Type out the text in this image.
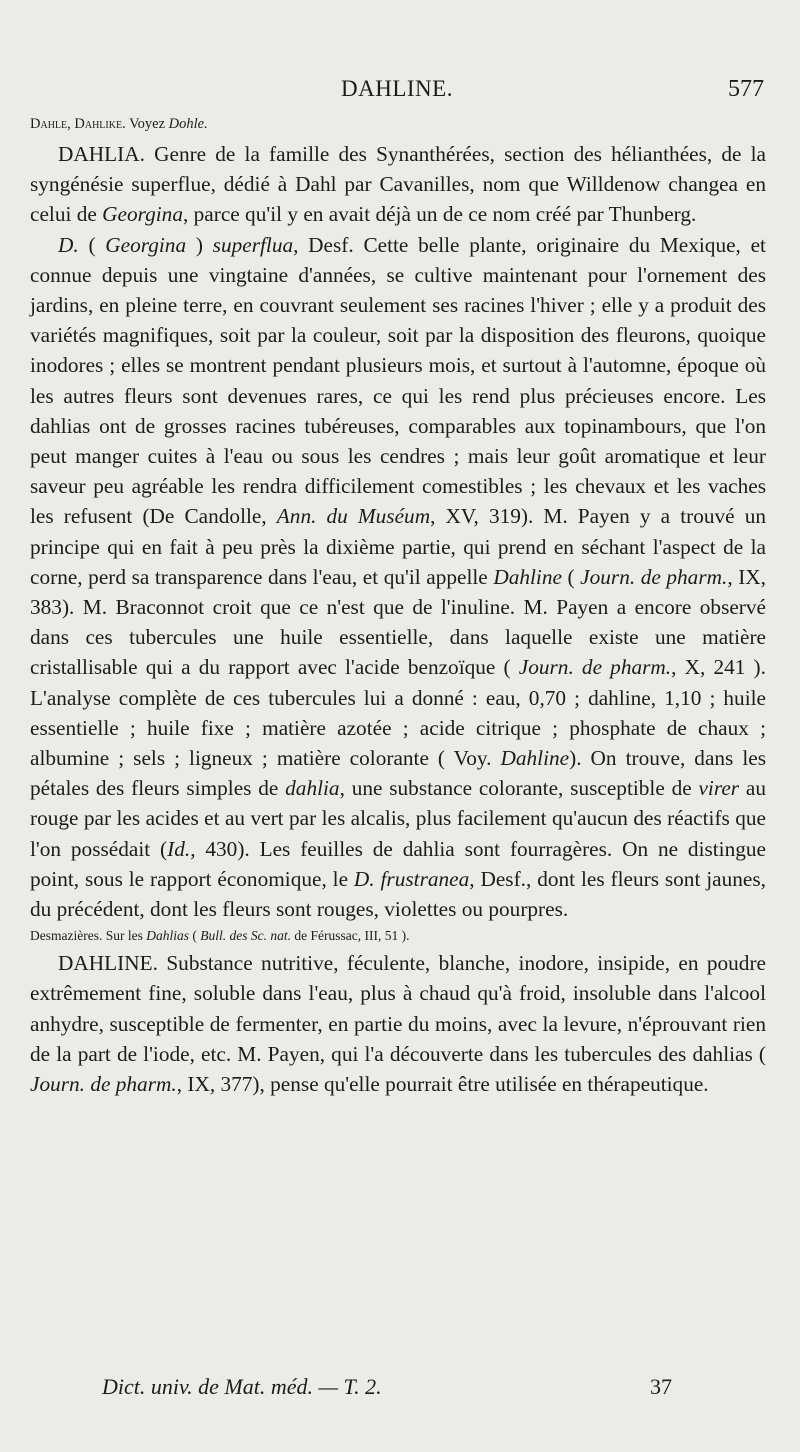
DAHLINE.	577

Dahle, Dahlike. Voyez Dohle.

DAHLIA. Genre de la famille des Synanthérées, section des hélianthées, de la syngénésie superflue, dédié à Dahl par Cavanilles, nom que Willdenow changea en celui de Georgina, parce qu'il y en avait déjà un de ce nom créé par Thunberg.

D. ( Georgina ) superflua, Desf. Cette belle plante, originaire du Mexique, et connue depuis une vingtaine d'années, se cultive maintenant pour l'ornement des jardins, en pleine terre, en couvrant seulement ses racines l'hiver ; elle y a produit des variétés magnifiques, soit par la couleur, soit par la disposition des fleurons, quoique inodores ; elles se montrent pendant plusieurs mois, et surtout à l'automne, époque où les autres fleurs sont devenues rares, ce qui les rend plus précieuses encore. Les dahlias ont de grosses racines tubéreuses, comparables aux topinambours, que l'on peut manger cuites à l'eau ou sous les cendres ; mais leur goût aromatique et leur saveur peu agréable les rendra difficilement comestibles ; les chevaux et les vaches les refusent (De Candolle, Ann. du Muséum, XV, 319). M. Payen y a trouvé un principe qui en fait à peu près la dixième partie, qui prend en séchant l'aspect de la corne, perd sa transparence dans l'eau, et qu'il appelle Dahline ( Journ. de pharm., IX, 383). M. Braconnot croit que ce n'est que de l'inuline. M. Payen a encore observé dans ces tubercules une huile essentielle, dans laquelle existe une matière cristallisable qui a du rapport avec l'acide benzoïque ( Journ. de pharm., X, 241 ). L'analyse complète de ces tubercules lui a donné : eau, 0,70 ; dahline, 1,10 ; huile essentielle ; huile fixe ; matière azotée ; acide citrique ; phosphate de chaux ; albumine ; sels ; ligneux ; matière colorante ( Voy. Dahline). On trouve, dans les pétales des fleurs simples de dahlia, une substance colorante, susceptible de virer au rouge par les acides et au vert par les alcalis, plus facilement qu'aucun des réactifs que l'on possédait (Id., 430). Les feuilles de dahlia sont fourragères. On ne distingue point, sous le rapport économique, le D. frustranea, Desf., dont les fleurs sont jaunes, du précédent, dont les fleurs sont rouges, violettes ou pourpres.

Desmazières. Sur les Dahlias ( Bull. des Sc. nat. de Férussac, III, 51 ).

DAHLINE. Substance nutritive, féculente, blanche, inodore, insipide, en poudre extrêmement fine, soluble dans l'eau, plus à chaud qu'à froid, insoluble dans l'alcool anhydre, susceptible de fermenter, en partie du moins, avec la levure, n'éprouvant rien de la part de l'iode, etc. M. Payen, qui l'a découverte dans les tubercules des dahlias ( Journ. de pharm., IX, 377), pense qu'elle pourrait être utilisée en thérapeutique.

Dict. univ. de Mat. méd. — T. 2.	37
